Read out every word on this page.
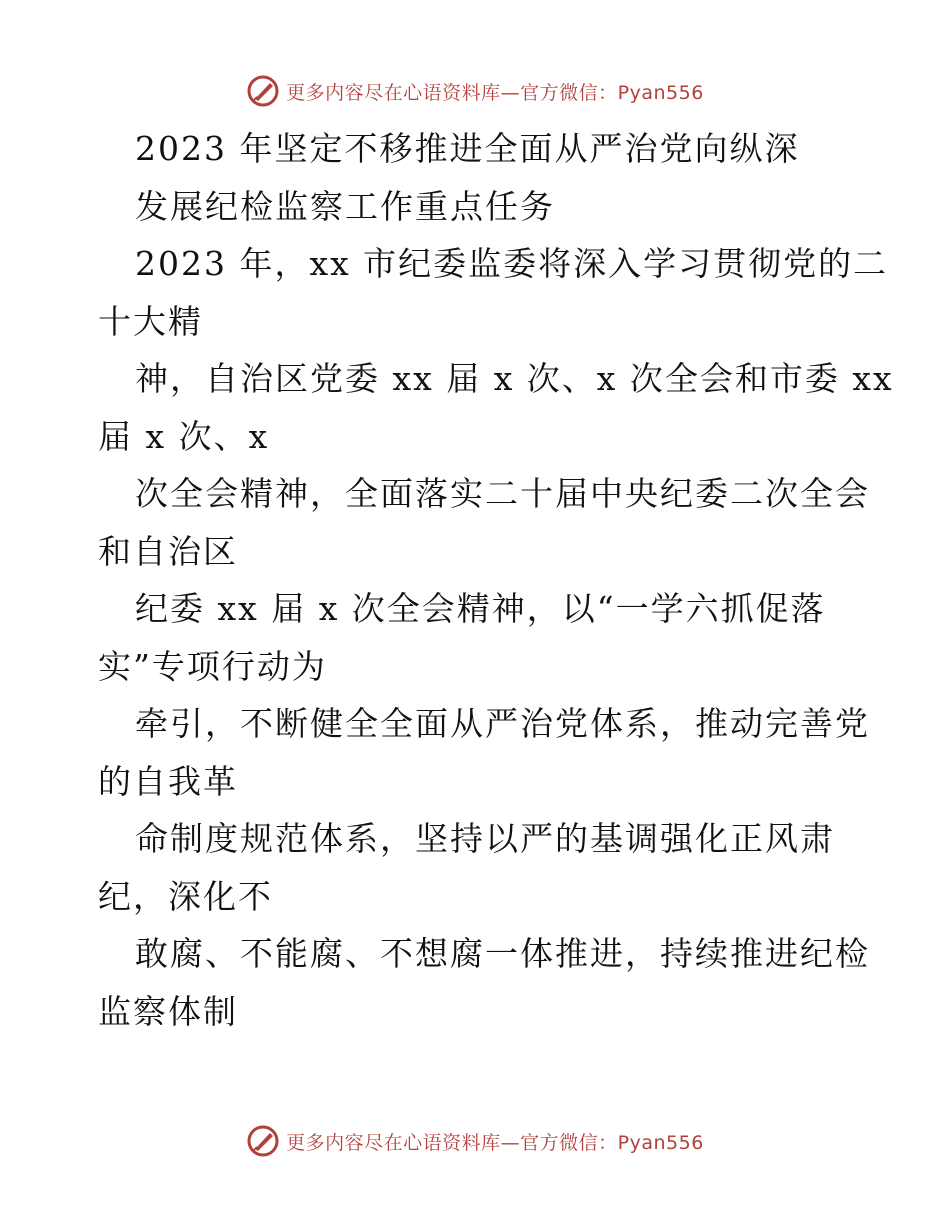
更多内容尽在心语资料库—官方微信：Pyan556
2023 年坚定不移推进全面从严治党向纵深
发展纪检监察工作重点任务
2023 年，xx 市纪委监委将深入学习贯彻党的二
十大精
神，自治区党委 xx 届 x 次、x 次全会和市委 xx
届 x 次、x
次全会精神，全面落实二十届中央纪委二次全会
和自治区
纪委 xx 届 x 次全会精神，以“一学六抓促落
实”专项行动为
牵引，不断健全全面从严治党体系，推动完善党
的自我革
命制度规范体系，坚持以严的基调强化正风肃
纪，深化不
敢腐、不能腐、不想腐一体推进，持续推进纪检
监察体制
更多内容尽在心语资料库—官方微信：Pyan556
